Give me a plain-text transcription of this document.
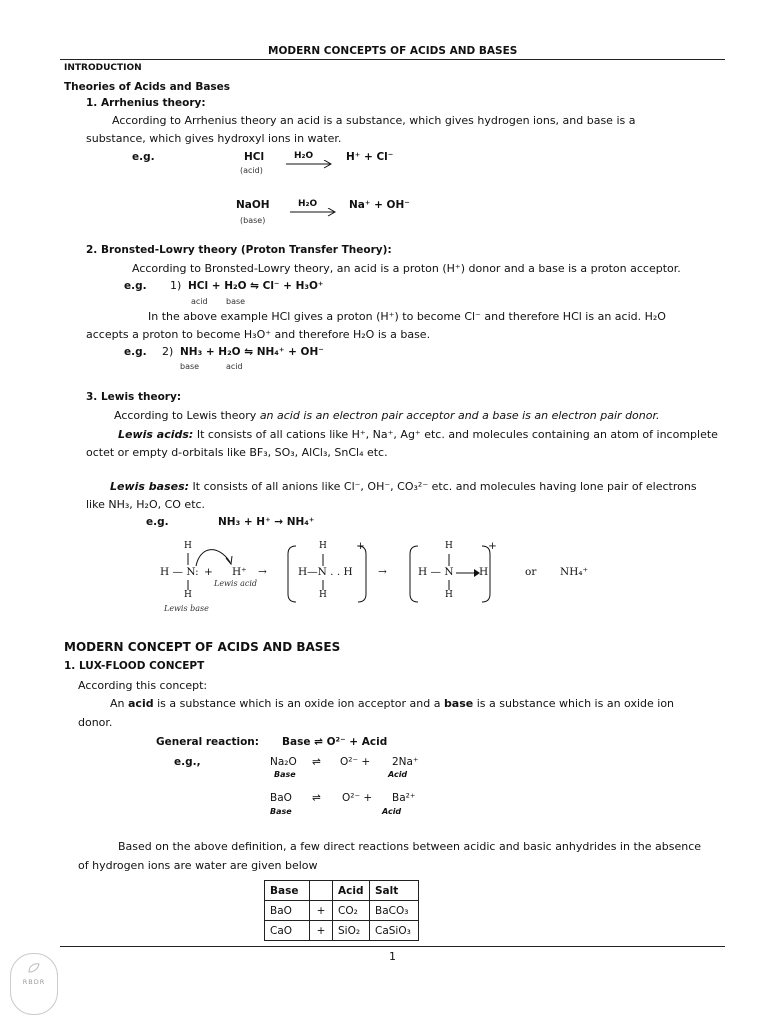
MODERN CONCEPTS OF ACIDS AND BASES
INTRODUCTION
Theories of Acids and Bases
1. Arrhenius theory:
According to Arrhenius theory an acid is a substance, which gives hydrogen ions, and base is a
substance, which gives hydroxyl ions in water.
e.g.	HCl
(acid)
H₂O	H⁺ + Cl⁻
NaOH
(base)
H₂O	Na⁺ + OH⁻
2. Bronsted-Lowry theory (Proton Transfer Theory):
According to Bronsted-Lowry theory, an acid is a proton (H⁺) donor and a base is a proton acceptor.
e.g. 1) HCl + H₂O ⇋ Cl⁻ + H₃O⁺
acid base
In the above example HCl gives a proton (H⁺) to become Cl⁻ and therefore HCl is an acid. H₂O
accepts a proton to become H₃O⁺ and therefore H₂O is a base.
e.g. 2) NH₃ + H₂O ⇋ NH₄⁺ + OH⁻
base	acid
3. Lewis theory:
According to Lewis theory an acid is an electron pair acceptor and a base is an electron pair donor.
Lewis acids: It consists of all cations like H⁺, Na⁺, Ag⁺ etc. and molecules containing an atom of incomplete
octet or empty d-orbitals like BF₃, SO₃, AlCl₃, SnCl₄ etc.
Lewis bases: It consists of all anions like Cl⁻, OH⁻, CO₃²⁻ etc. and molecules having lone pair of electrons
like NH₃, H₂O, CO etc.
e.g.	NH₃ + H⁺ → NH₄⁺
H
H — N: + H⁺ →
Lewis acid
H
Lewis base
H	+
H—N . . H
H
→
H	+
H — N H
H
or NH₄⁺
MODERN CONCEPT OF ACIDS AND BASES
1. LUX-FLOOD CONCEPT
According this concept:
An acid is a substance which is an oxide ion acceptor and a base is a substance which is an oxide ion
donor.
General reaction: Base ⇌ O²⁻ + Acid
e.g.,	Na₂O ⇌ O²⁻ + 2Na⁺
Base	Acid
BaO ⇌ O²⁻ + Ba²⁺
Base	Acid
Based on the above definition, a few direct reactions between acidic and basic anhydrides in the absence
of hydrogen ions are water are given below
Base		Acid	Salt
BaO	+	CO₂	BaCO₃
CaO	+	SiO₂	CaSiO₃
1
RBDR
